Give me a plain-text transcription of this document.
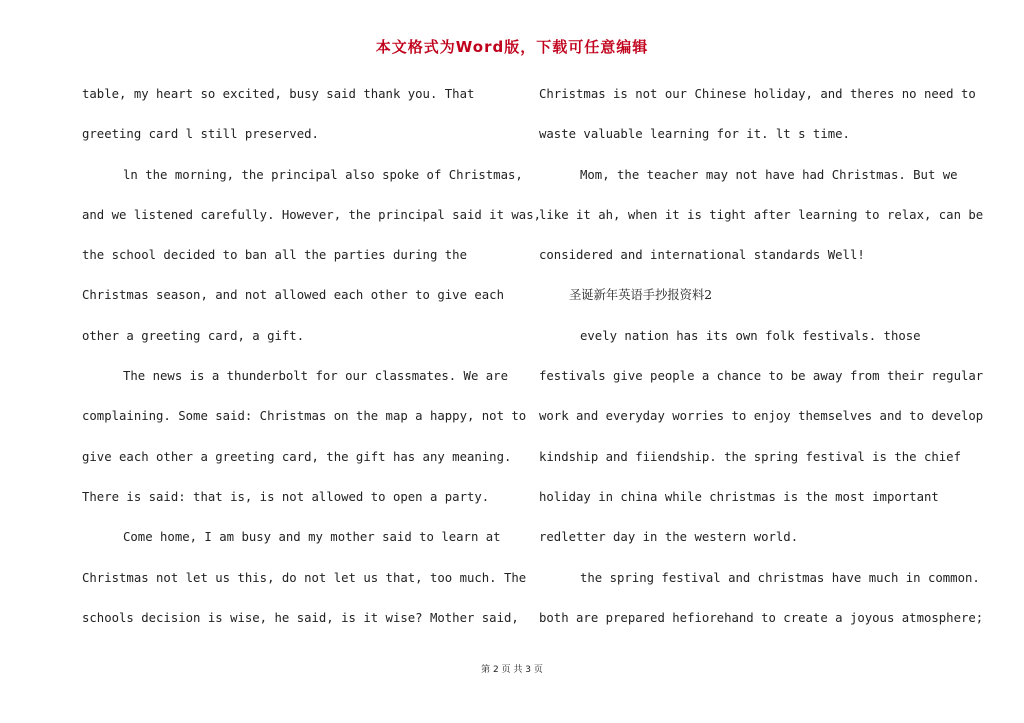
本文格式为Word版，下载可任意编辑
table, my heart so excited, busy said thank you. That
greeting card l still preserved.
ln the morning, the principal also spoke of Christmas,
and we listened carefully. However, the principal said it was,
the school decided to ban all the parties during the
Christmas season, and not allowed each other to give each
other a greeting card, a gift.
The news is a thunderbolt for our classmates. We are
complaining. Some said: Christmas on the map a happy, not to
give each other a greeting card, the gift has any meaning.
There is said: that is, is not allowed to open a party.
Come home, I am busy and my mother said to learn at
Christmas not let us this, do not let us that, too much. The
schools decision is wise, he said, is it wise? Mother said,
Christmas is not our Chinese holiday, and theres no need to
waste valuable learning for it. lt s time.
Mom, the teacher may not have had Christmas. But we
like it ah, when it is tight after learning to relax, can be
considered and international standards Well!
圣诞新年英语手抄报资料2
evely nation has its own folk festivals. those
festivals give people a chance to be away from their regular
work and everyday worries to enjoy themselves and to develop
kindship and fiiendship. the spring festival is the chief
holiday in china while christmas is the most important
redletter day in the western world.
the spring festival and christmas have much in common.
both are prepared hefiorehand to create a joyous atmosphere;
第 2 页 共 3 页
